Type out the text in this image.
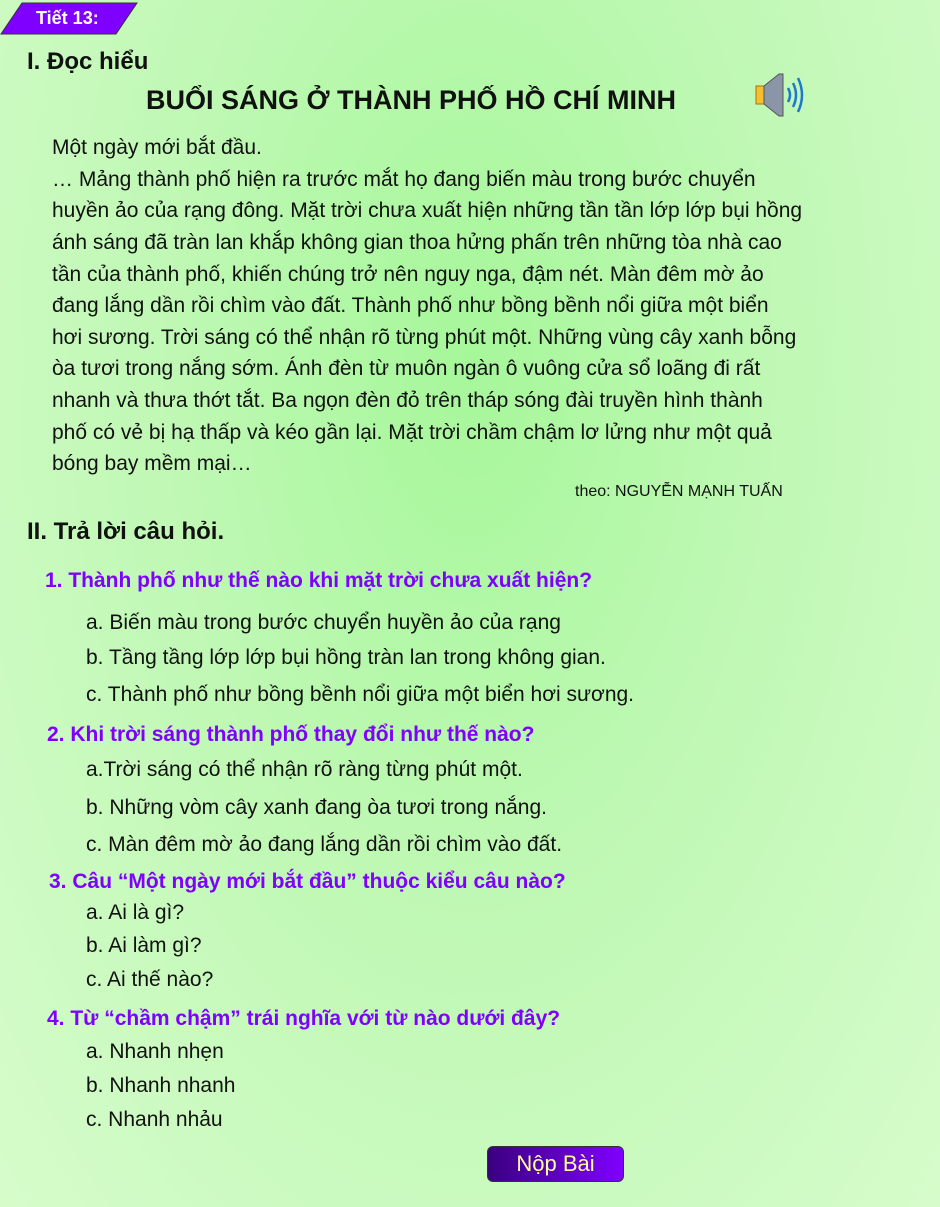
Tiết 13:
I. Đọc hiểu
BUỔI SÁNG Ở THÀNH PHỐ HỒ CHÍ MINH
Một ngày mới bắt đầu.
… Mảng thành phố hiện ra trước mắt họ đang biến màu trong bước chuyển
huyền ảo của rạng đông. Mặt trời chưa xuất hiện những tần tần lớp lớp bụi hồng
ánh sáng đã tràn lan khắp không gian thoa hửng phấn trên những tòa nhà cao
tần của thành phố, khiến chúng trở nên nguy nga, đậm nét. Màn đêm mờ ảo
đang lắng dần rồi chìm vào đất. Thành phố như bồng bềnh nổi giữa một biển
hơi sương. Trời sáng có thể nhận rõ từng phút một. Những vùng cây xanh bỗng
òa tươi trong nắng sớm. Ánh đèn từ muôn ngàn ô vuông cửa sổ loãng đi rất
nhanh và thưa thớt tắt. Ba ngọn đèn đỏ trên tháp sóng đài truyền hình thành
phố có vẻ bị hạ thấp và kéo gần lại. Mặt trời chầm chậm lơ lửng như một quả
bóng bay mềm mại…
theo: NGUYỄN MẠNH TUẤN
II. Trả lời câu hỏi.
1. Thành phố như thế nào khi mặt trời chưa xuất hiện?
a. Biến màu trong bước chuyển huyền ảo của rạng
b. Tầng tầng lớp lớp bụi hồng tràn lan trong không gian.
c. Thành phố như bồng bềnh nổi giữa một biển hơi sương.
2. Khi trời sáng thành phố thay đổi như thế nào?
a.Trời sáng có thể nhận rõ ràng từng phút một.
b. Những vòm cây xanh đang òa tươi trong nắng.
c. Màn đêm mờ ảo đang lắng dần rồi chìm vào đất.
3. Câu “Một ngày mới bắt đầu” thuộc kiểu câu nào?
a. Ai là gì?
b. Ai làm gì?
c. Ai thế nào?
4. Từ “chầm chậm” trái nghĩa với từ nào dưới đây?
a. Nhanh nhẹn
b. Nhanh nhanh
c. Nhanh nhảu
Nộp Bài
